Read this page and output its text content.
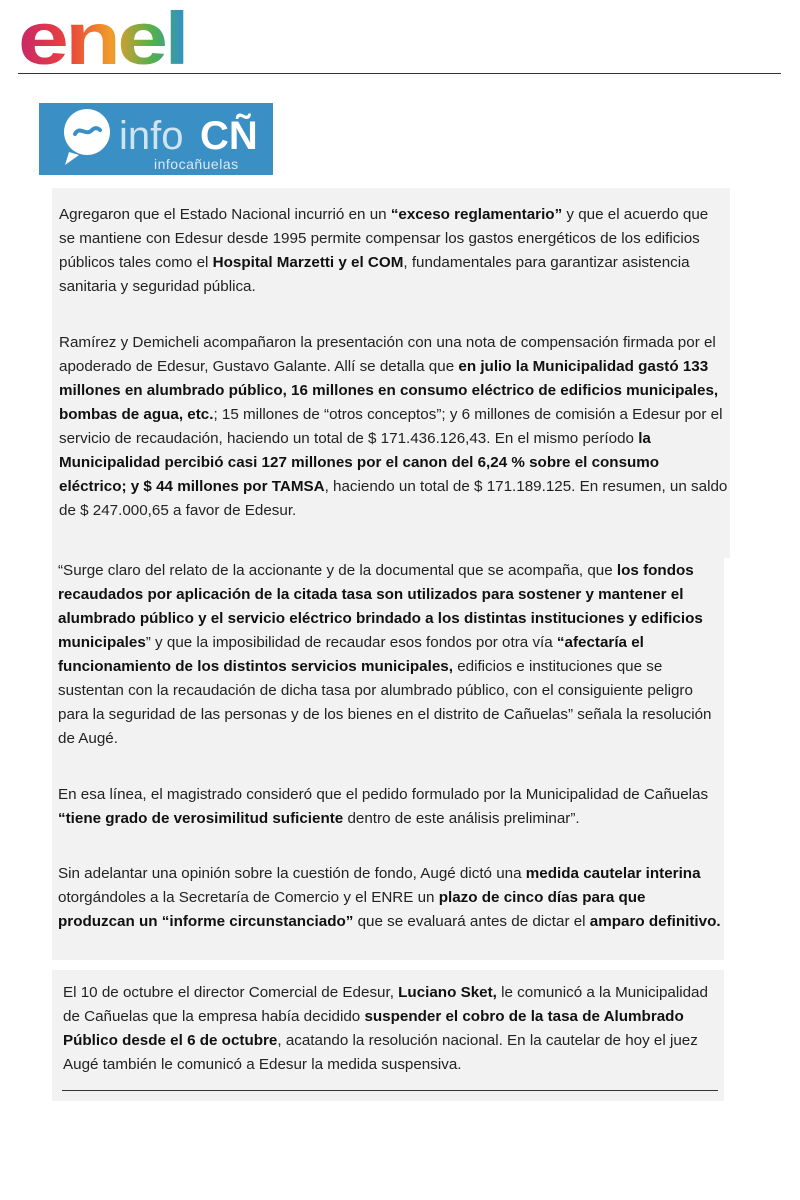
enel
info CÑ
infocañuelas

Agregaron que el Estado Nacional incurrió en un “exceso reglamentario” y que el acuerdo que se mantiene con Edesur desde 1995 permite compensar los gastos energéticos de los edificios públicos tales como el Hospital Marzetti y el COM, fundamentales para garantizar asistencia sanitaria y seguridad pública.

Ramírez y Demicheli acompañaron la presentación con una nota de compensación firmada por el apoderado de Edesur, Gustavo Galante. Allí se detalla que en julio la Municipalidad gastó 133 millones en alumbrado público, 16 millones en consumo eléctrico de edificios municipales, bombas de agua, etc.; 15 millones de “otros conceptos”; y 6 millones de comisión a Edesur por el servicio de recaudación, haciendo un total de $ 171.436.126,43. En el mismo período la Municipalidad percibió casi 127 millones por el canon del 6,24 % sobre el consumo eléctrico; y $ 44 millones por TAMSA, haciendo un total de $ 171.189.125. En resumen, un saldo de $ 247.000,65 a favor de Edesur.

“Surge claro del relato de la accionante y de la documental que se acompaña, que los fondos recaudados por aplicación de la citada tasa son utilizados para sostener y mantener el alumbrado público y el servicio eléctrico brindado a los distintas instituciones y edificios municipales” y que la imposibilidad de recaudar esos fondos por otra vía “afectaría el funcionamiento de los distintos servicios municipales, edificios e instituciones que se sustentan con la recaudación de dicha tasa por alumbrado público, con el consiguiente peligro para la seguridad de las personas y de los bienes en el distrito de Cañuelas” señala la resolución de Augé.

En esa línea, el magistrado consideró que el pedido formulado por la Municipalidad de Cañuelas “tiene grado de verosimilitud suficiente dentro de este análisis preliminar”.

Sin adelantar una opinión sobre la cuestión de fondo, Augé dictó una medida cautelar interina otorgándoles a la Secretaría de Comercio y el ENRE un plazo de cinco días para que produzcan un “informe circunstanciado” que se evaluará antes de dictar el amparo definitivo.

El 10 de octubre el director Comercial de Edesur, Luciano Sket, le comunicó a la Municipalidad de Cañuelas que la empresa había decidido suspender el cobro de la tasa de Alumbrado Público desde el 6 de octubre, acatando la resolución nacional. En la cautelar de hoy el juez Augé también le comunicó a Edesur la medida suspensiva.
